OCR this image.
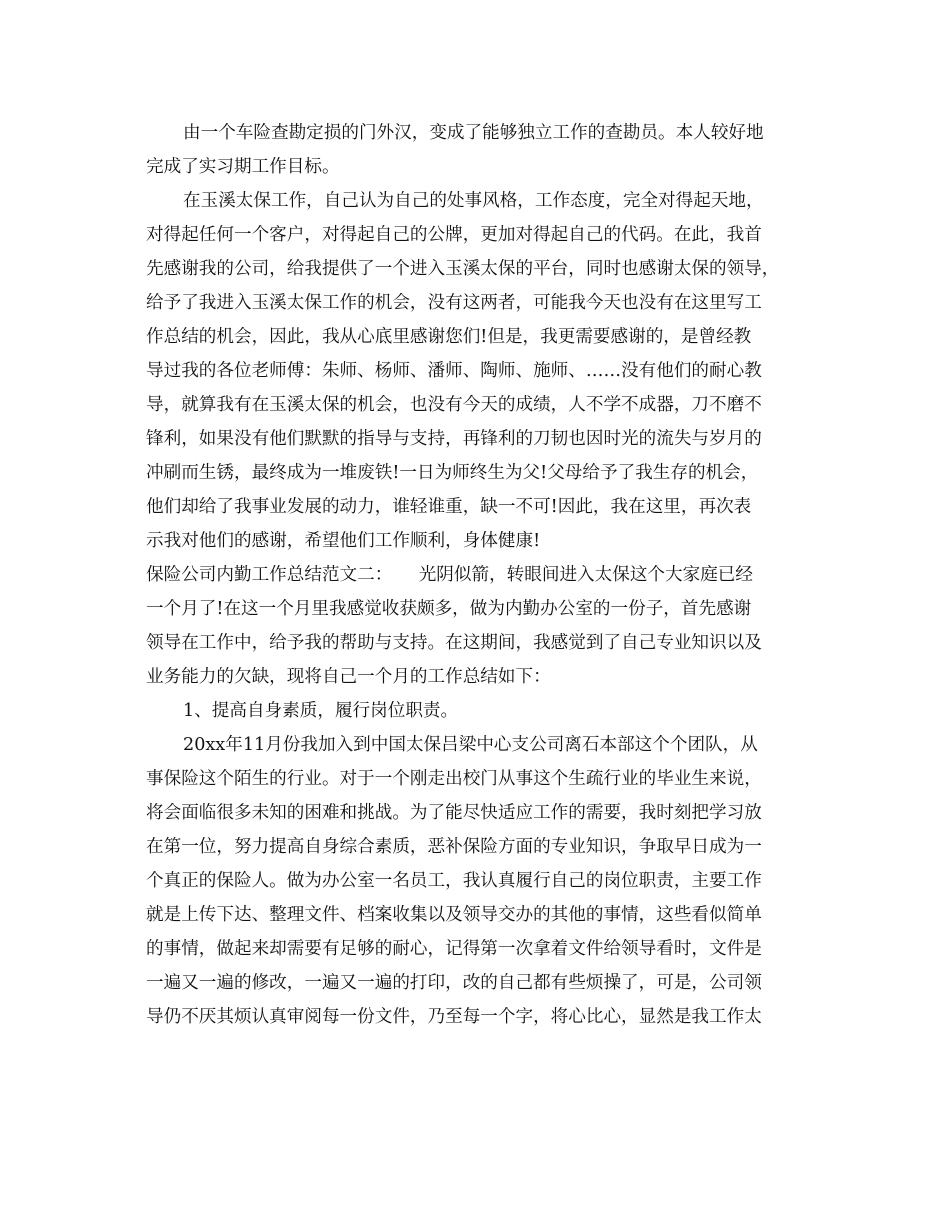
由一个车险查勘定损的门外汉，变成了能够独立工作的查勘员。本人较好地
完成了实习期工作目标。
在玉溪太保工作，自己认为自己的处事风格，工作态度，完全对得起天地，
对得起任何一个客户，对得起自己的公牌，更加对得起自己的代码。在此，我首
先感谢我的公司，给我提供了一个进入玉溪太保的平台，同时也感谢太保的领导，
给予了我进入玉溪太保工作的机会，没有这两者，可能我今天也没有在这里写工
作总结的机会，因此，我从心底里感谢您们!但是，我更需要感谢的，是曾经教
导过我的各位老师傅：朱师、杨师、潘师、陶师、施师、……没有他们的耐心教
导，就算我有在玉溪太保的机会，也没有今天的成绩，人不学不成器，刀不磨不
锋利，如果没有他们默默的指导与支持，再锋利的刀韧也因时光的流失与岁月的
冲刷而生锈，最终成为一堆废铁!一日为师终生为父!父母给予了我生存的机会，
他们却给了我事业发展的动力，谁轻谁重，缺一不可!因此，我在这里，再次表
示我对他们的感谢，希望他们工作顺利，身体健康!
保险公司内勤工作总结范文二：　　光阴似箭，转眼间进入太保这个大家庭已经
一个月了!在这一个月里我感觉收获颇多，做为内勤办公室的一份子，首先感谢
领导在工作中，给予我的帮助与支持。在这期间，我感觉到了自己专业知识以及
业务能力的欠缺，现将自己一个月的工作总结如下：
1、提高自身素质，履行岗位职责。
20xx年11月份我加入到中国太保吕梁中心支公司离石本部这个个团队，从
事保险这个陌生的行业。对于一个刚走出校门从事这个生疏行业的毕业生来说，
将会面临很多未知的困难和挑战。为了能尽快适应工作的需要，我时刻把学习放
在第一位，努力提高自身综合素质，恶补保险方面的专业知识，争取早日成为一
个真正的保险人。做为办公室一名员工，我认真履行自己的岗位职责，主要工作
就是上传下达、整理文件、档案收集以及领导交办的其他的事情，这些看似简单
的事情，做起来却需要有足够的耐心，记得第一次拿着文件给领导看时，文件是
一遍又一遍的修改，一遍又一遍的打印，改的自己都有些烦操了，可是，公司领
导仍不厌其烦认真审阅每一份文件，乃至每一个字，将心比心，显然是我工作太
